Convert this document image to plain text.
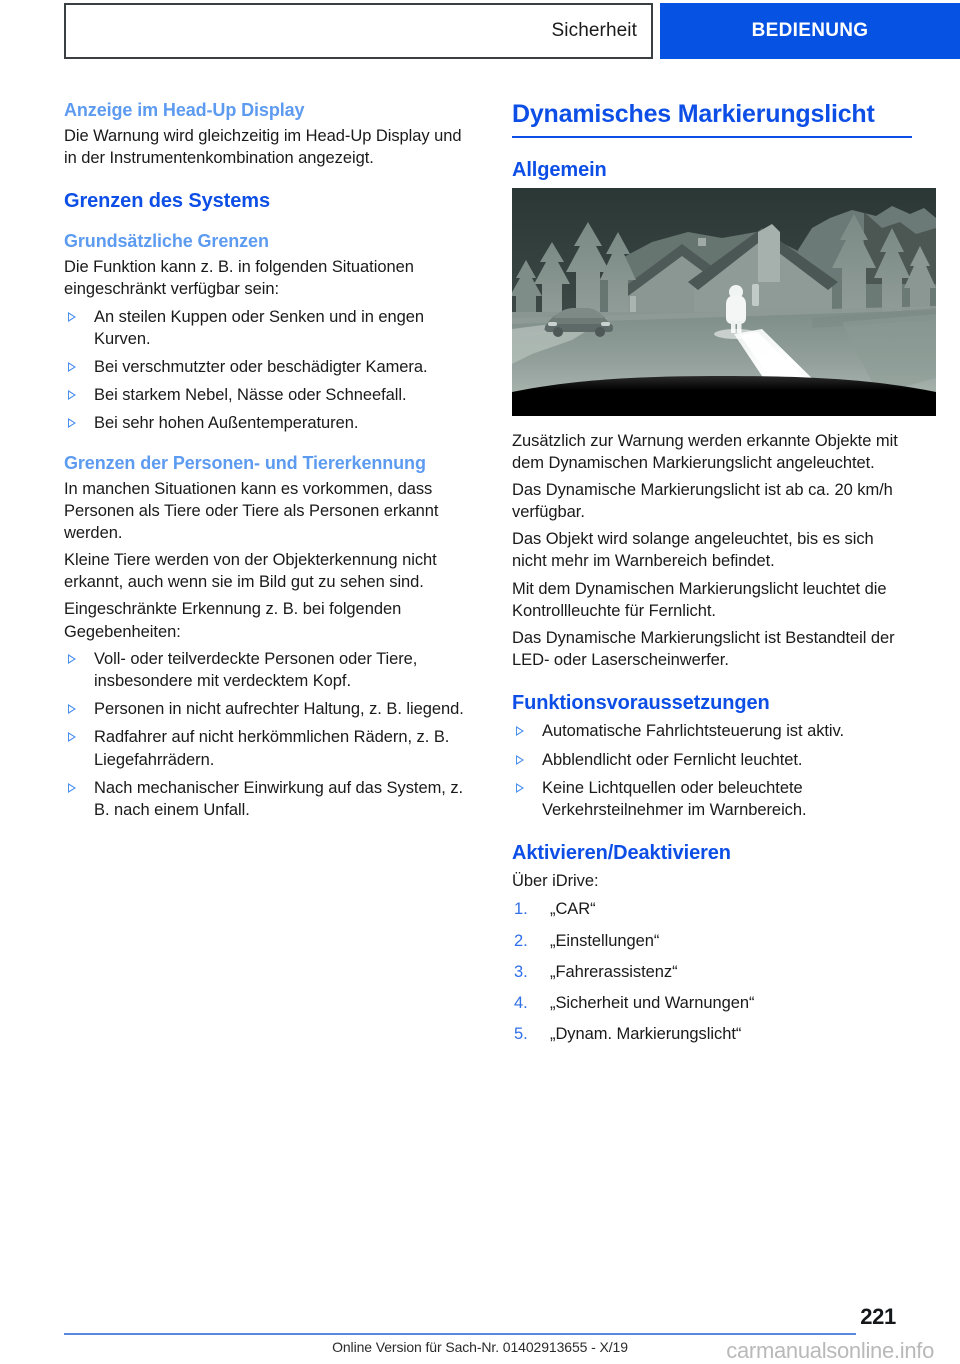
Sicherheit	BEDIENUNG
Anzeige im Head-Up Display

Die Warnung wird gleichzeitig im Head-Up Display und in der Instrumentenkombination angezeigt.

Grenzen des Systems
Grundsätzliche Grenzen

Die Funktion kann z. B. in folgenden Situationen eingeschränkt verfügbar sein:

An steilen Kuppen oder Senken und in engen Kurven.
Bei verschmutzter oder beschädigter Kamera.
Bei starkem Nebel, Nässe oder Schneefall.
Bei sehr hohen Außentemperaturen.
Grenzen der Personen- und Tiererkennung

In manchen Situationen kann es vorkommen, dass Personen als Tiere oder Tiere als Personen erkannt werden.

Kleine Tiere werden von der Objekterkennung nicht erkannt, auch wenn sie im Bild gut zu sehen sind.

Eingeschränkte Erkennung z. B. bei folgenden Gegebenheiten:

Voll- oder teilverdeckte Personen oder Tiere, insbesondere mit verdecktem Kopf.
Personen in nicht aufrechter Haltung, z. B. liegend.
Radfahrer auf nicht herkömmlichen Rädern, z. B. Liegefahrrädern.
Nach mechanischer Einwirkung auf das System, z. B. nach einem Unfall.
Dynamisches Markierungslicht
Allgemein

Zusätzlich zur Warnung werden erkannte Objekte mit dem Dynamischen Markierungslicht angeleuchtet.

Das Dynamische Markierungslicht ist ab ca. 20 km/h verfügbar.

Das Objekt wird solange angeleuchtet, bis es sich nicht mehr im Warnbereich befindet.

Mit dem Dynamischen Markierungslicht leuchtet die Kontrollleuchte für Fernlicht.

Das Dynamische Markierungslicht ist Bestandteil der LED- oder Laserscheinwerfer.

Funktionsvoraussetzungen
Automatische Fahrlichtsteuerung ist aktiv.
Abblendlicht oder Fernlicht leuchtet.
Keine Lichtquellen oder beleuchtete Verkehrsteilnehmer im Warnbereich.
Aktivieren/Deaktivieren

Über iDrive:

1. „CAR“
2. „Einstellungen“
3. „Fahrerassistenz“
4. „Sicherheit und Warnungen“
5. „Dynam. Markierungslicht“
221
Online Version für Sach-Nr. 01402913655 - X/19	carmanualsonline.info
